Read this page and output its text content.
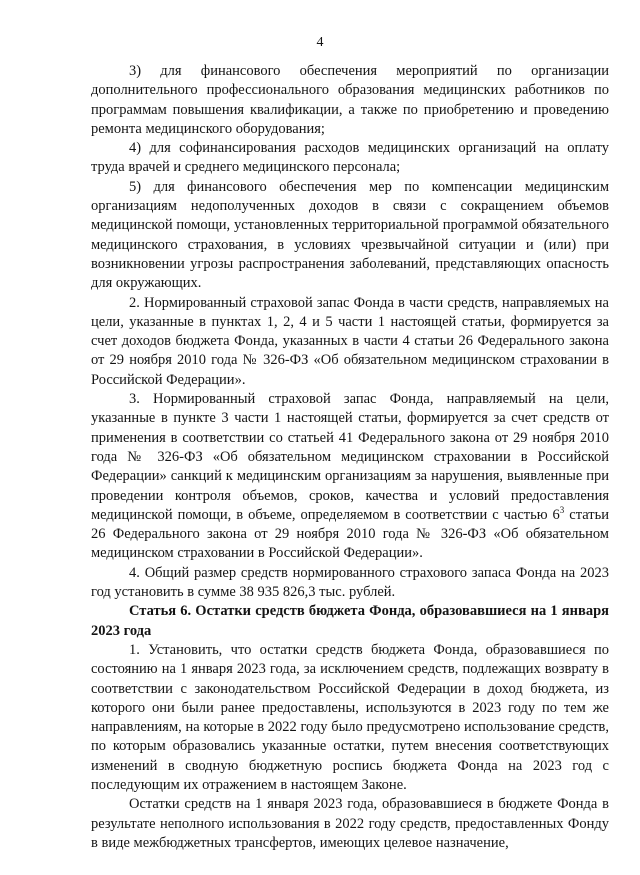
4

3) для финансового обеспечения мероприятий по организации дополнительного профессионального образования медицинских работников по программам повышения квалификации, а также по приобретению и проведению ремонта медицинского оборудования;

4) для софинансирования расходов медицинских организаций на оплату труда врачей и среднего медицинского персонала;

5) для финансового обеспечения мер по компенсации медицинским организациям недополученных доходов в связи с сокращением объемов медицинской помощи, установленных территориальной программой обязательного медицинского страхования, в условиях чрезвычайной ситуации и (или) при возникновении угрозы распространения заболеваний, представляющих опасность для окружающих.

2. Нормированный страховой запас Фонда в части средств, направляемых на цели, указанные в пунктах 1, 2, 4 и 5 части 1 настоящей статьи, формируется за счет доходов бюджета Фонда, указанных в части 4 статьи 26 Федерального закона от 29 ноября 2010 года № 326-ФЗ «Об обязательном медицинском страховании в Российской Федерации».

3. Нормированный страховой запас Фонда, направляемый на цели, указанные в пункте 3 части 1 настоящей статьи, формируется за счет средств от применения в соответствии со статьей 41 Федерального закона от 29 ноября 2010 года № 326-ФЗ «Об обязательном медицинском страховании в Российской Федерации» санкций к медицинским организациям за нарушения, выявленные при проведении контроля объемов, сроков, качества и условий предоставления медицинской помощи, в объеме, определяемом в соответствии с частью $6^3$ статьи 26 Федерального закона от 29 ноября 2010 года № 326-ФЗ «Об обязательном медицинском страховании в Российской Федерации».

4. Общий размер средств нормированного страхового запаса Фонда на 2023 год установить в сумме 38 935 826,3 тыс. рублей.

Статья 6. Остатки средств бюджета Фонда, образовавшиеся на 1 января 2023 года

1. Установить, что остатки средств бюджета Фонда, образовавшиеся по состоянию на 1 января 2023 года, за исключением средств, подлежащих возврату в соответствии с законодательством Российской Федерации в доход бюджета, из которого они были ранее предоставлены, используются в 2023 году по тем же направлениям, на которые в 2022 году было предусмотрено использование средств, по которым образовались указанные остатки, путем внесения соответствующих изменений в сводную бюджетную роспись бюджета Фонда на 2023 год с последующим их отражением в настоящем Законе.

Остатки средств на 1 января 2023 года, образовавшиеся в бюджете Фонда в результате неполного использования в 2022 году средств, предоставленных Фонду в виде межбюджетных трансфертов, имеющих целевое назначение,
